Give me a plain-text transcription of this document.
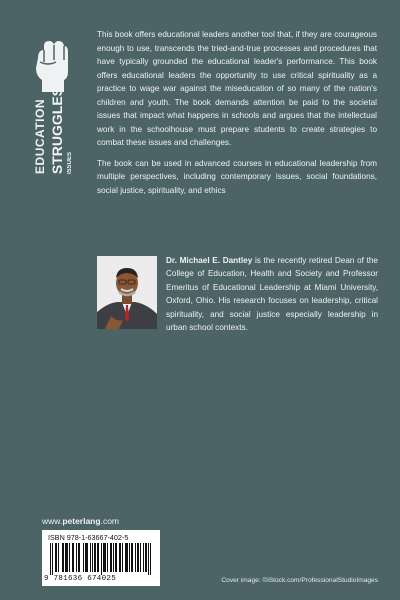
EDUCATION STRUGGLES ISSUES

This book offers educational leaders another tool that, if they are courageous enough to use, transcends the tried-and-true processes and procedures that have typically grounded the educational leader's performance. This book offers educational leaders the opportunity to use critical spirituality as a practice to wage war against the miseducation of so many of the nation's children and youth. The book demands attention be paid to the societal issues that impact what happens in schools and argues that the intellectual work in the schoolhouse must prepare students to create strategies to combat these issues and challenges.

The book can be used in advanced courses in educational leadership from multiple perspectives, including contemporary issues, social foundations, social justice, spirituality, and ethics

Dr. Michael E. Dantley is the recently retired Dean of the College of Education, Health and Society and Professor Emeritus of Educational Leadership at Miami University, Oxford, Ohio. His research focuses on leadership, critical spirituality, and social justice especially leadership in urban school contexts.
www.peterlang.com
ISBN 978-1-63667-402-5
9 781636 674025	Cover image: ©iStock.com/ProfessionalStudioImages
